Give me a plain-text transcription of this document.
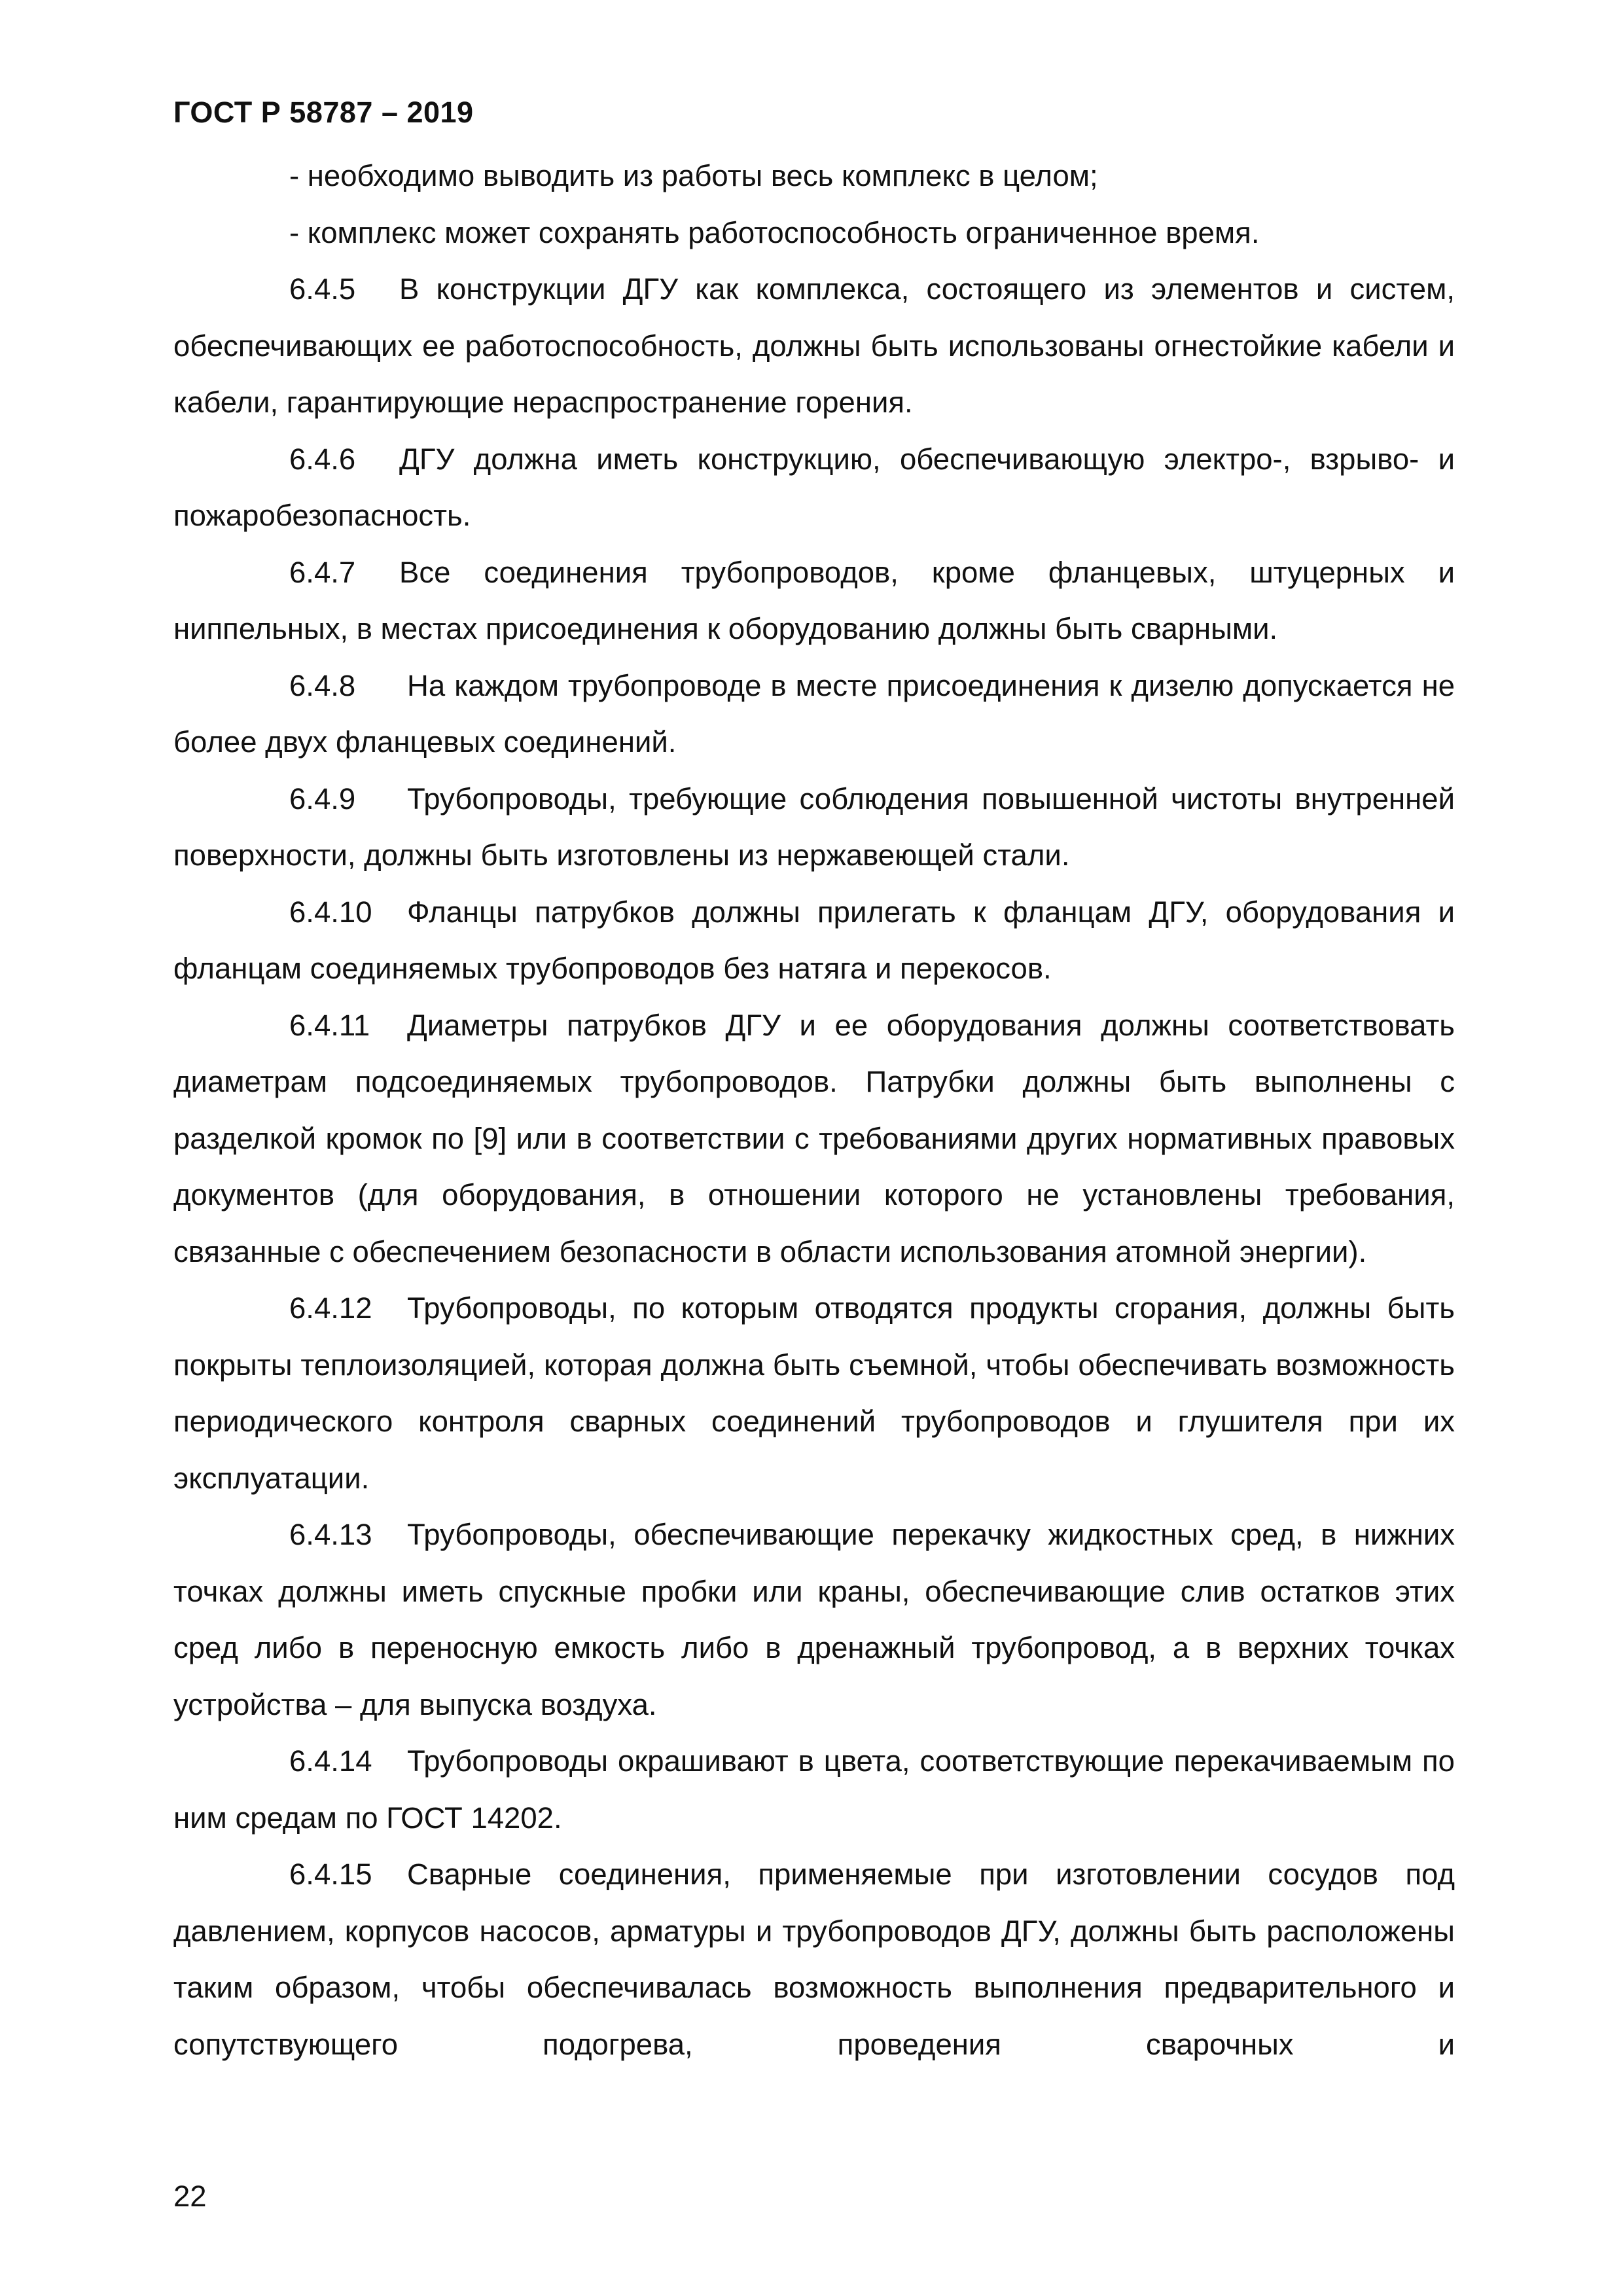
ГОСТ Р 58787 – 2019

- необходимо выводить из работы весь комплекс в целом;

- комплекс может сохранять работоспособность ограниченное время.

6.4.5 В конструкции ДГУ как комплекса, состоящего из элементов и систем, обеспечивающих ее работоспособность, должны быть использованы огнестойкие кабели и кабели, гарантирующие нераспространение горения.

6.4.6 ДГУ должна иметь конструкцию, обеспечивающую электро-, взрыво- и пожаробезопасность.

6.4.7 Все соединения трубопроводов, кроме фланцевых, штуцерных и ниппельных, в местах присоединения к оборудованию должны быть сварными.

6.4.8 На каждом трубопроводе в месте присоединения к дизелю допускается не более двух фланцевых соединений.

6.4.9 Трубопроводы, требующие соблюдения повышенной чистоты внутренней поверхности, должны быть изготовлены из нержавеющей стали.

6.4.10 Фланцы патрубков должны прилегать к фланцам ДГУ, оборудования и фланцам соединяемых трубопроводов без натяга и перекосов.

6.4.11 Диаметры патрубков ДГУ и ее оборудования должны соответствовать диаметрам подсоединяемых трубопроводов. Патрубки должны быть выполнены с разделкой кромок по [9] или в соответствии с требованиями других нормативных правовых документов (для оборудования, в отношении которого не установлены требования, связанные с обеспечением безопасности в области использования атомной энергии).

6.4.12 Трубопроводы, по которым отводятся продукты сгорания, должны быть покрыты теплоизоляцией, которая должна быть съемной, чтобы обеспечивать возможность периодического контроля сварных соединений трубопроводов и глушителя при их эксплуатации.

6.4.13 Трубопроводы, обеспечивающие перекачку жидкостных сред, в нижних точках должны иметь спускные пробки или краны, обеспечивающие слив остатков этих сред либо в переносную емкость либо в дренажный трубопровод, а в верхних точках устройства – для выпуска воздуха.

6.4.14 Трубопроводы окрашивают в цвета, соответствующие перекачиваемым по ним средам по ГОСТ 14202.

6.4.15 Сварные соединения, применяемые при изготовлении сосудов под давлением, корпусов насосов, арматуры и трубопроводов ДГУ, должны быть расположены таким образом, чтобы обеспечивалась возможность выполнения предварительного и сопутствующего подогрева, проведения сварочных и

22
